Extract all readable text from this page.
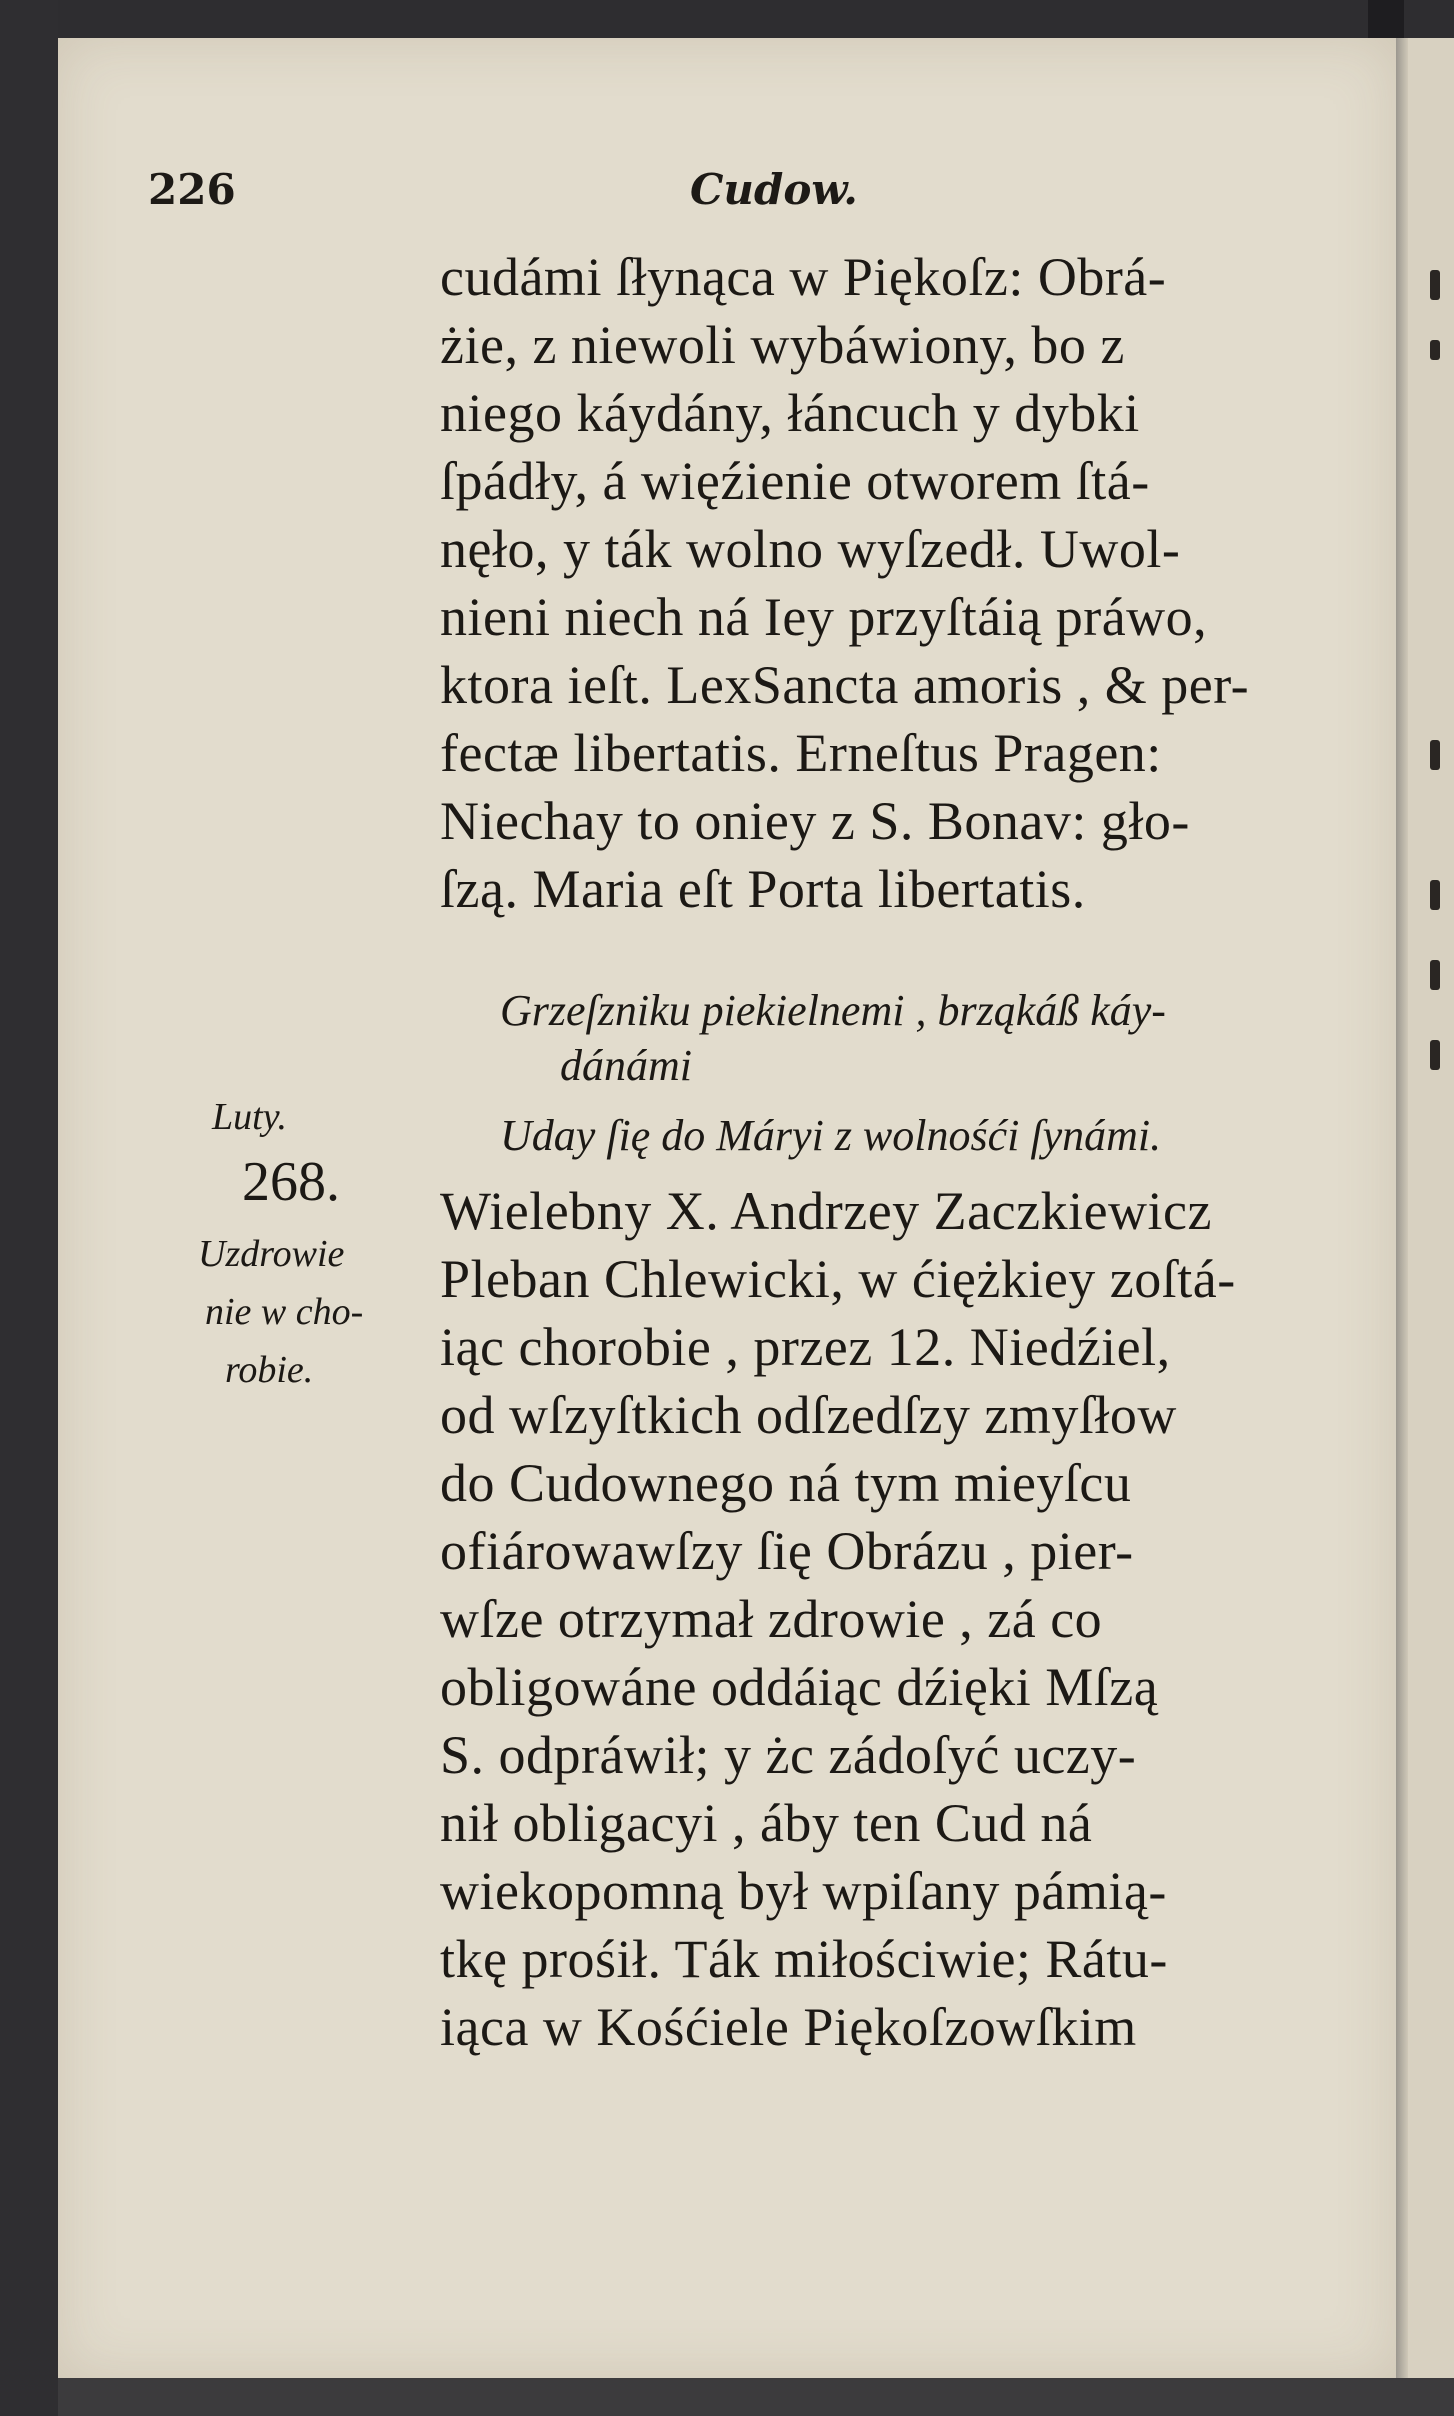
226	Cudow.
cudámi ſłynąca w Piękoſz: Obrá-
żie, z niewoli wybáwiony, bo z
niego káydány, łáncuch y dybki
ſpádły, á więźienie otworem ſtá-
nęło, y ták wolno wyſzedł. Uwol-
nieni niech ná Iey przyſtáią práwo,
ktora ieſt. LexSancta amoris , & per-
fectæ libertatis. Erneſtus Pragen:
Niechay to oniey z S. Bonav: gło-
ſzą. Maria eſt Porta libertatis.
Grzeſzniku piekielnemi , brząkáß káy-
dánámi
Uday ſię do Máryi z wolnośći ſynámi.
Luty.
268.
Uzdrowie
nie w cho-
robie.
Wielebny X. Andrzey Zaczkiewicz
Pleban Chlewicki, w ćiężkiey zoſtá-
iąc chorobie , przez 12. Niedźiel,
od wſzyſtkich odſzedſzy zmyſłow
do Cudownego ná tym mieyſcu
ofiárowawſzy ſię Obrázu , pier-
wſze otrzymał zdrowie , zá co
obligowáne oddáiąc dźięki Mſzą
S. odpráwił; y żc zádoſyć uczy-
nił obligacyi , áby ten Cud ná
wiekopomną był wpiſany pámią-
tkę prośił. Ták miłościwie; Rátu-
iąca w Kośćiele Piękoſzowſkim
